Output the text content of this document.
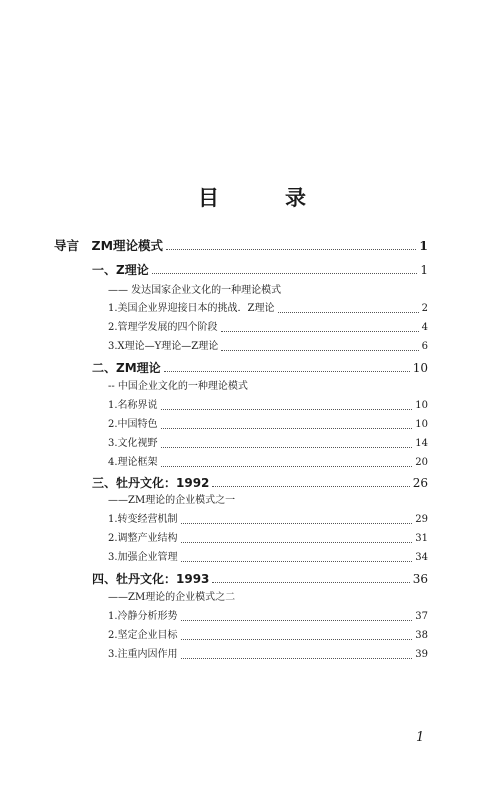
目	录
导言　ZM理论模式	1
一、Z理论	1
—— 发达国家企业文化的一种理论模式
1.美国企业界迎接日本的挑战．Z理论	2
2.管理学发展的四个阶段	4
3.X理论—Y理论—Z理论	6
二、ZM理论	10
-- 中国企业文化的一种理论模式
1.名称界说	10
2.中国特色	10
3.文化视野	14
4.理论框架	20
三、牡丹文化：1992	26
——ZM理论的企业模式之一
1.转变经营机制	29
2.调整产业结构	31
3.加强企业管理	34
四、牡丹文化：1993	36
——ZM理论的企业模式之二
1.冷静分析形势	37
2.坚定企业目标	38
3.注重内因作用	39
1
